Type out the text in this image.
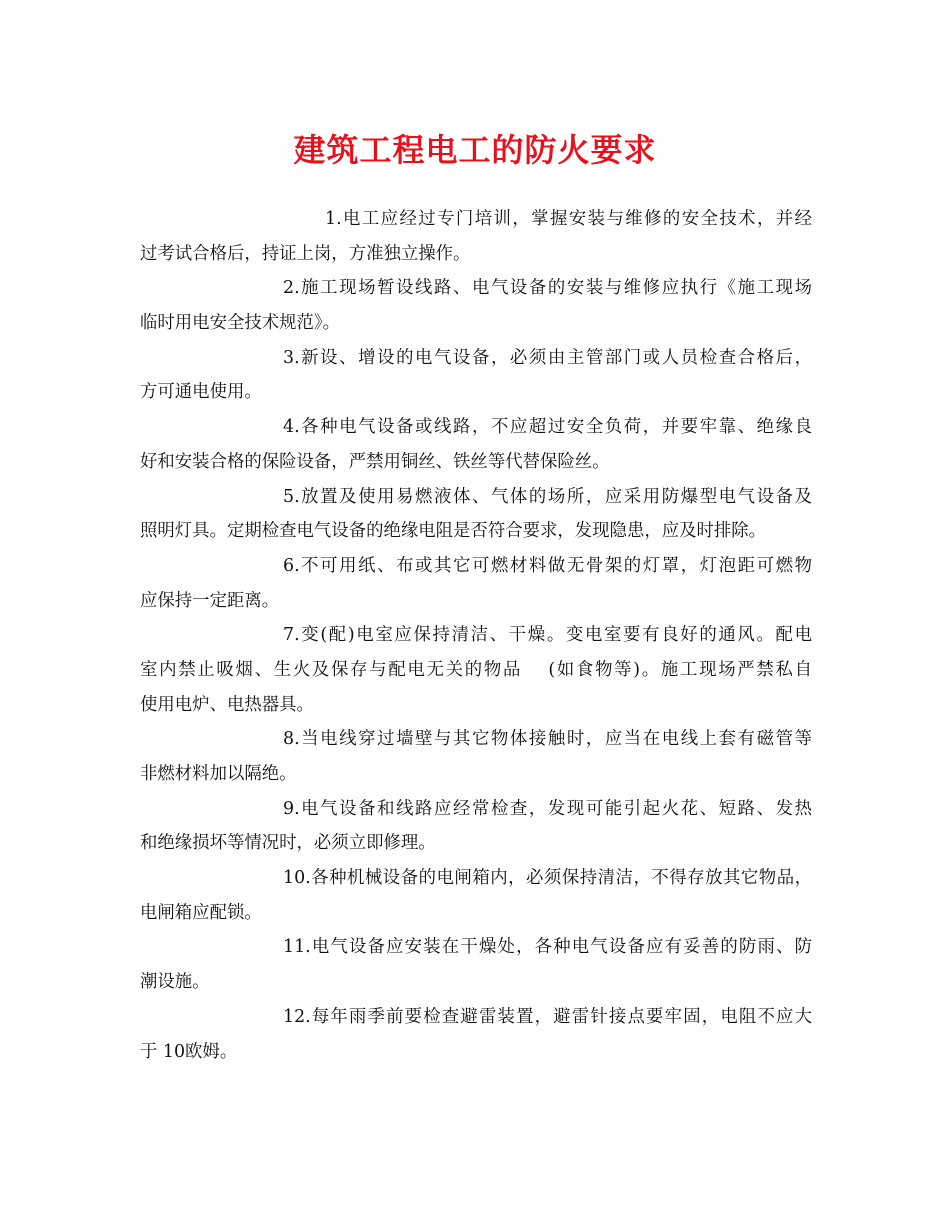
建筑工程电工的防火要求
1.电工应经过专门培训，掌握安装与维修的安全技术，并经
过考试合格后，持证上岗，方准独立操作。
2.施工现场暂设线路、电气设备的安装与维修应执行《施工现场
临时用电安全技术规范》。
3.新设、增设的电气设备，必须由主管部门或人员检查合格后，
方可通电使用。
4.各种电气设备或线路，不应超过安全负荷，并要牢靠、绝缘良
好和安装合格的保险设备，严禁用铜丝、铁丝等代替保险丝。
5.放置及使用易燃液体、气体的场所，应采用防爆型电气设备及
照明灯具。定期检查电气设备的绝缘电阻是否符合要求，发现隐患，应及时排除。
6.不可用纸、布或其它可燃材料做无骨架的灯罩，灯泡距可燃物
应保持一定距离。
7.变(配)电室应保持清洁、干燥。变电室要有良好的通风。配电
室内禁止吸烟、生火及保存与配电无关的物品　 (如食物等)。施工现场严禁私自
使用电炉、电热器具。
8.当电线穿过墙壁与其它物体接触时，应当在电线上套有磁管等
非燃材料加以隔绝。
9.电气设备和线路应经常检查，发现可能引起火花、短路、发热
和绝缘损坏等情况时，必须立即修理。
10.各种机械设备的电闸箱内，必须保持清洁，不得存放其它物品，
电闸箱应配锁。
11.电气设备应安装在干燥处，各种电气设备应有妥善的防雨、防
潮设施。
12.每年雨季前要检查避雷装置，避雷针接点要牢固，电阻不应大
于 10欧姆。
